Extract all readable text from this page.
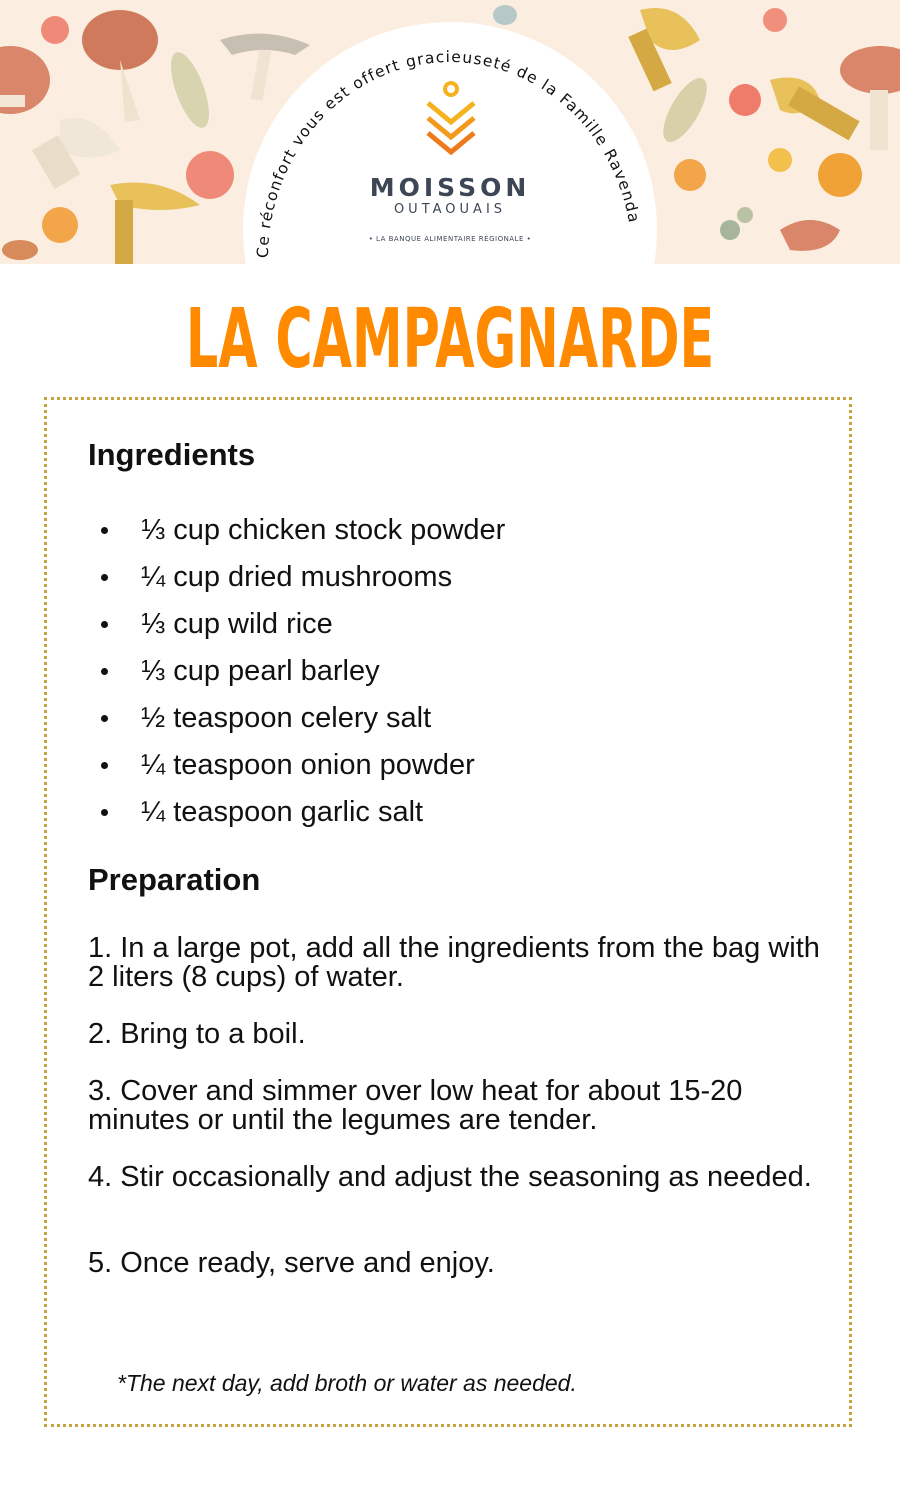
Ce réconfort vous est offert gracieuseté de la Famille Ravenda
MOISSON
OUTAOUAIS
• LA BANQUE ALIMENTAIRE RÉGIONALE •
LA CAMPAGNARDE
Ingredients
⅓ cup chicken stock powder
¼ cup dried mushrooms
⅓ cup wild rice
⅓ cup pearl barley
½ teaspoon celery salt
¼ teaspoon onion powder
¼ teaspoon garlic salt
Preparation
1. In a large pot, add all the ingredients from the bag with 2 liters (8 cups) of water.
2. Bring to a boil.
3. Cover and simmer over low heat for about 15-20 minutes or until the legumes are tender.
4. Stir occasionally and adjust the seasoning as needed.
5. Once ready, serve and enjoy.
*The next day, add broth or water as needed.
